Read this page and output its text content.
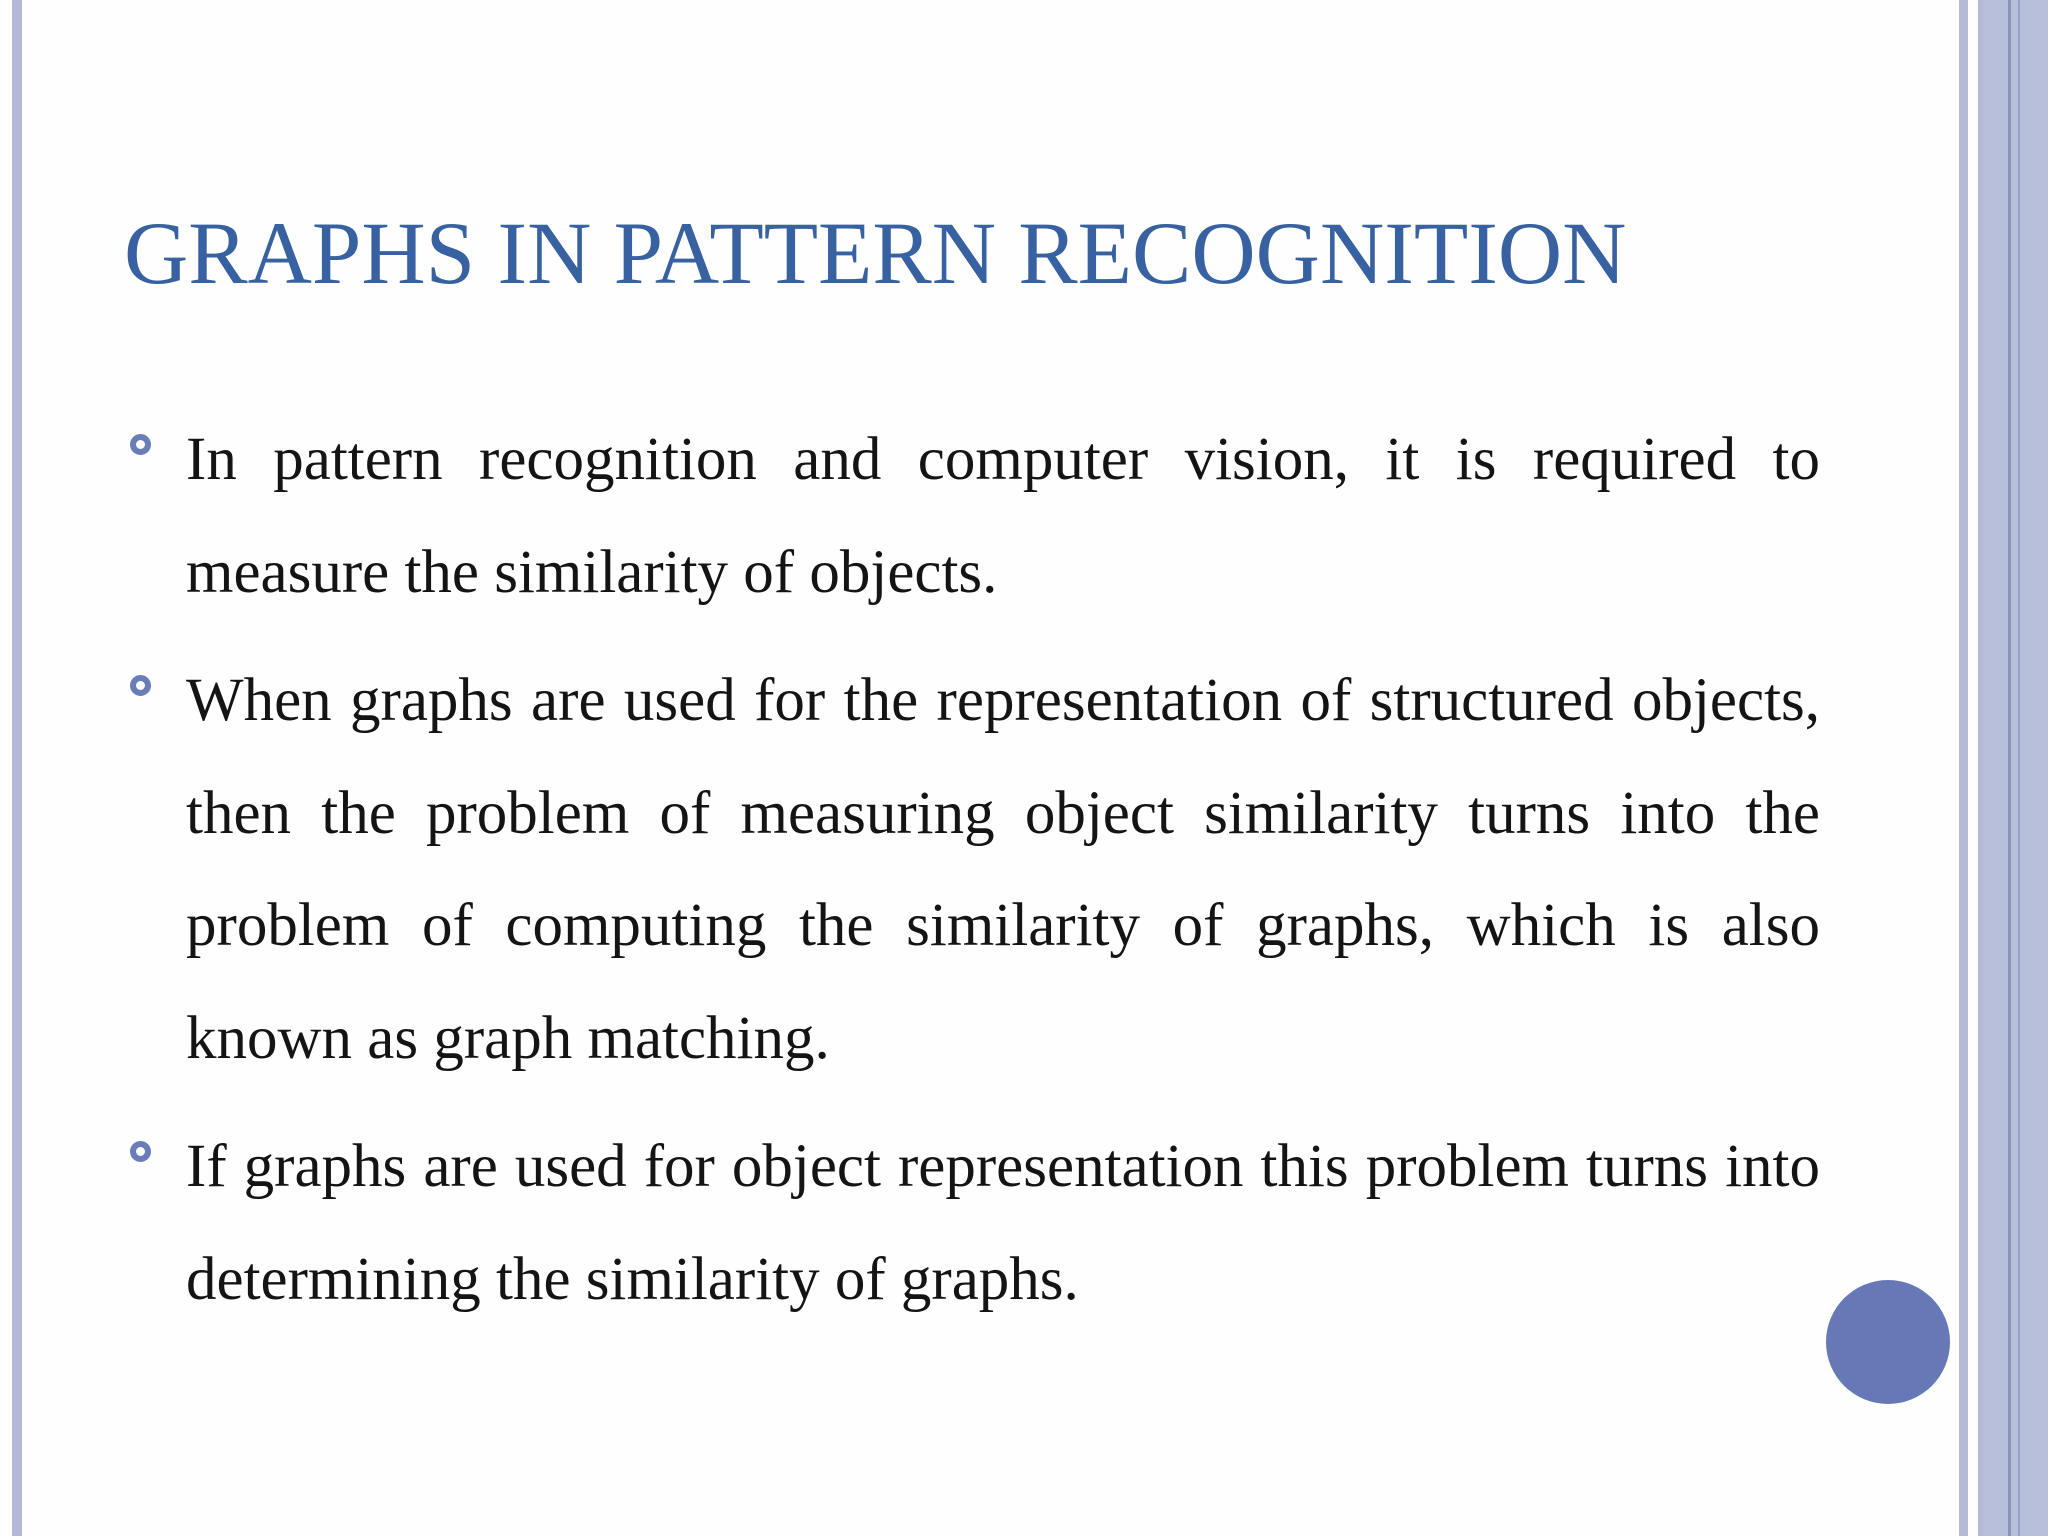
GRAPHS IN PATTERN RECOGNITION
In pattern recognition and computer vision, it is required to measure the similarity of objects.
When graphs are used for the representation of structured objects, then the problem of measuring object similarity turns into the problem of computing the similarity of graphs, which is also known as graph matching.
If graphs are used for object representation this problem turns into determining the similarity of graphs.
